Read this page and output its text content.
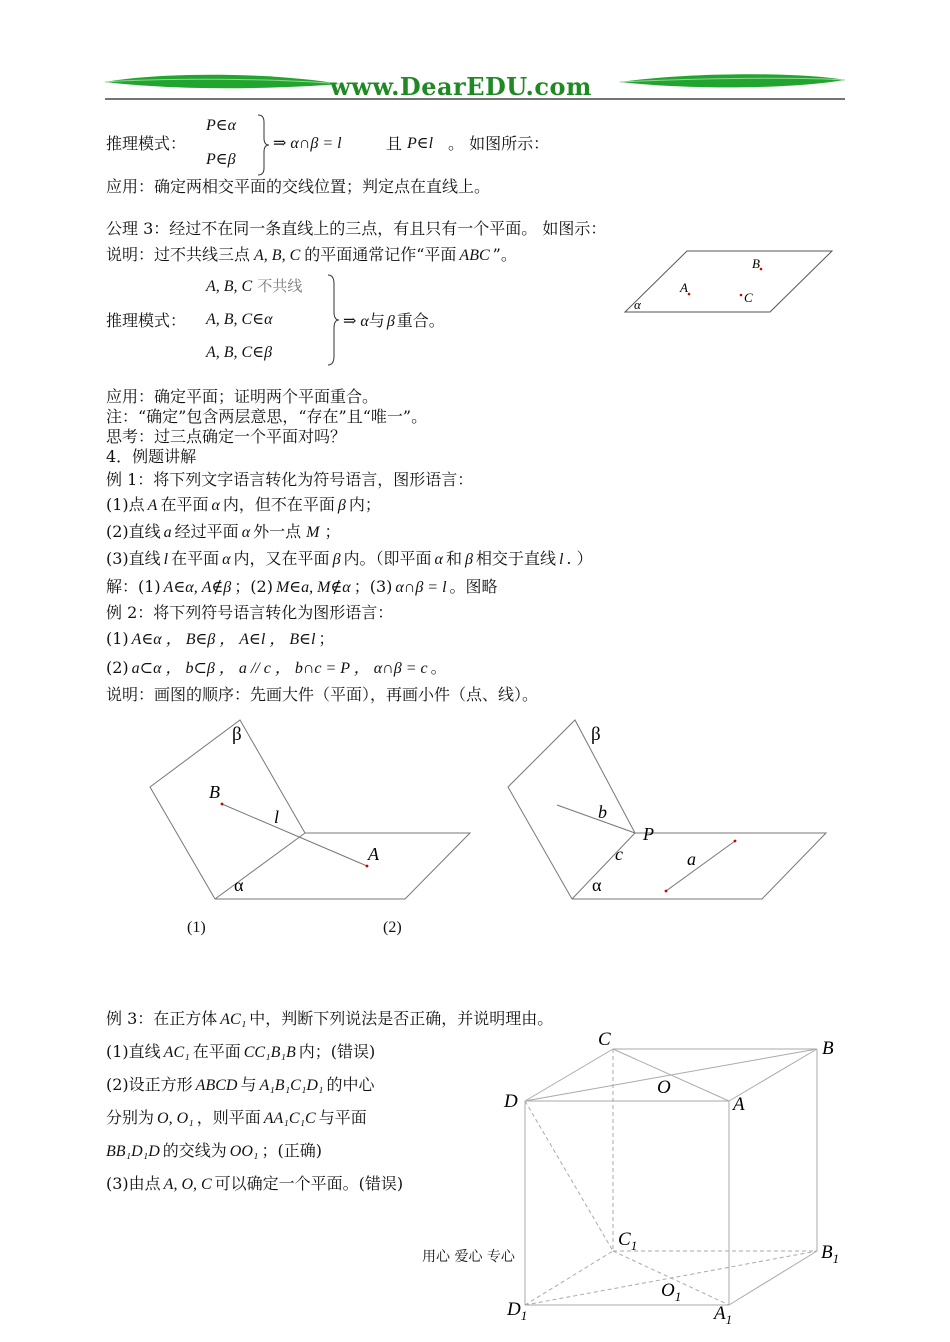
www.DearEDU.com
推理模式：
P∈α
P∈β
⇒ α∩β = l	且 P∈l 。 如图所示：
应用：确定两相交平面的交线位置；判定点在直线上。
公理 3：经过不在同一条直线上的三点，有且只有一个平面。 如图示：
说明：过不共线三点 A, B, C 的平面通常记作“平面 ABC ”。
推理模式：
A, B, C 不共线
A, B, C∈α
A, B, C∈β
⇒ α与 β 重合。
A
B
C
α
应用：确定平面；证明两个平面重合。
注：“确定”包含两层意思，“存在”且“唯一”。
思考：过三点确定一个平面对吗？
4．例题讲解
例 1：将下列文字语言转化为符号语言，图形语言：
(1)点 A 在平面 α 内，但不在平面 β 内；
(2)直线 a 经过平面 α 外一点 M ；
(3)直线 l 在平面 α 内，又在平面 β 内。（即平面 α 和 β 相交于直线 l . ）
解：(1) A∈α, A∉β ；(2) M∈a, M∉α ；(3) α∩β = l 。图略
例 2：将下列符号语言转化为图形语言：
(1) A∈α ， B∈β ， A∈l ， B∈l ；
(2) a⊂α ， b⊂β ， a // c ， b∩c = P ， α∩β = c 。
说明：画图的顺序：先画大件（平面），再画小件（点、线）。
β
B
l
A
α
(1)
β
b
P
c	a
α
(2)
例 3：在正方体 AC₁ 中，判断下列说法是否正确，并说明理由。
(1)直线 AC₁ 在平面 CC₁B₁B 内；(错误)
(2)设正方形 ABCD 与 A₁B₁C₁D₁ 的中心
分别为 O, O₁ ，则平面 AA₁C₁C 与平面
BB₁D₁D 的交线为 OO₁ ；(正确)
(3)由点 A, O, C 可以确定一个平面。(错误)
C	B
D
O
A
$C_1$	$B_1$
$O_1$
$D_1$	$A_1$
用心 爱心 专心
